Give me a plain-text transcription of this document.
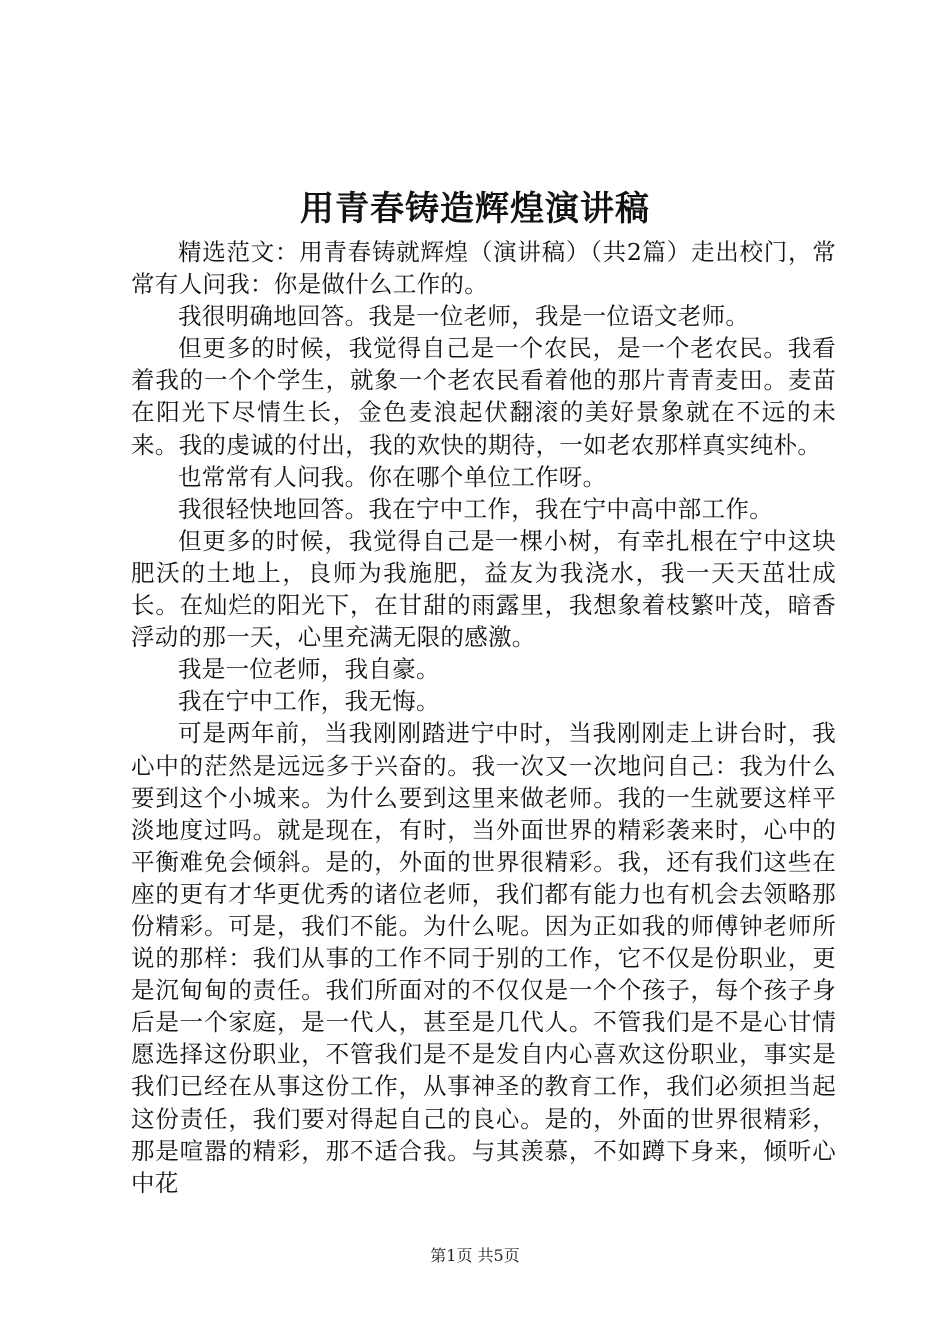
用青春铸造辉煌演讲稿

精选范文：用青春铸就辉煌（演讲稿）（共2篇）走出校门，常常有人问我：你是做什么工作的。

我很明确地回答。我是一位老师，我是一位语文老师。

但更多的时候，我觉得自己是一个农民，是一个老农民。我看着我的一个个学生，就象一个老农民看着他的那片青青麦田。麦苗在阳光下尽情生长，金色麦浪起伏翻滚的美好景象就在不远的未来。我的虔诚的付出，我的欢快的期待，一如老农那样真实纯朴。

也常常有人问我。你在哪个单位工作呀。

我很轻快地回答。我在宁中工作，我在宁中高中部工作。

但更多的时候，我觉得自己是一棵小树，有幸扎根在宁中这块肥沃的土地上，良师为我施肥，益友为我浇水，我一天天茁壮成长。在灿烂的阳光下，在甘甜的雨露里，我想象着枝繁叶茂，暗香浮动的那一天，心里充满无限的感激。

我是一位老师，我自豪。

我在宁中工作，我无悔。

可是两年前，当我刚刚踏进宁中时，当我刚刚走上讲台时，我心中的茫然是远远多于兴奋的。我一次又一次地问自己：我为什么要到这个小城来。为什么要到这里来做老师。我的一生就要这样平淡地度过吗。就是现在，有时，当外面世界的精彩袭来时，心中的平衡难免会倾斜。是的，外面的世界很精彩。我，还有我们这些在座的更有才华更优秀的诸位老师，我们都有能力也有机会去领略那份精彩。可是，我们不能。为什么呢。因为正如我的师傅钟老师所说的那样：我们从事的工作不同于别的工作，它不仅是份职业，更是沉甸甸的责任。我们所面对的不仅仅是一个个孩子，每个孩子身后是一个家庭，是一代人，甚至是几代人。不管我们是不是心甘情愿选择这份职业，不管我们是不是发自内心喜欢这份职业，事实是我们已经在从事这份工作，从事神圣的教育工作，我们必须担当起这份责任，我们要对得起自己的良心。是的，外面的世界很精彩，那是喧嚣的精彩，那不适合我。与其羡慕，不如蹲下身来，倾听心中花

第1页 共5页
